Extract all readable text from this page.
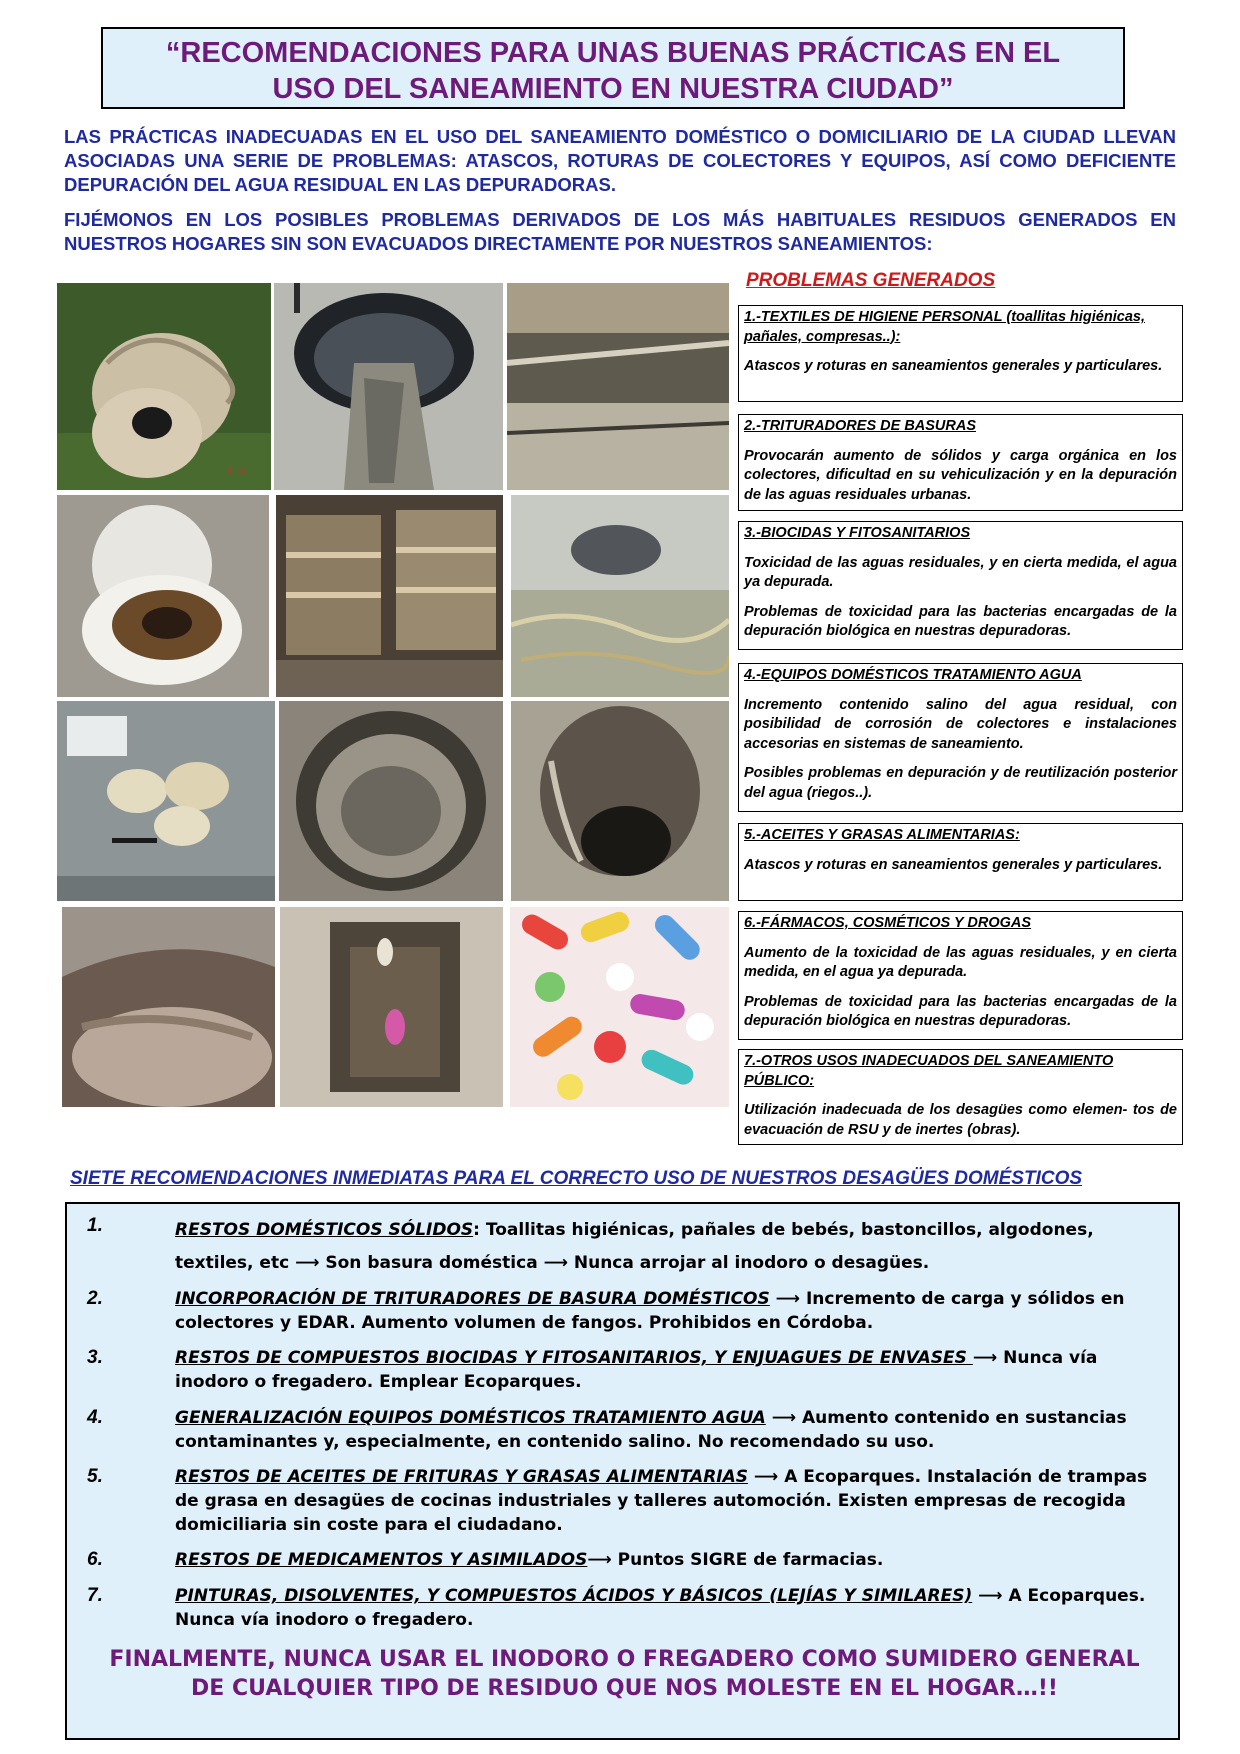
“RECOMENDACIONES PARA UNAS BUENAS PRÁCTICAS EN EL
USO DEL SANEAMIENTO EN NUESTRA CIUDAD”

LAS PRÁCTICAS INADECUADAS EN EL USO DEL SANEAMIENTO DOMÉSTICO O DOMICILIARIO DE LA CIUDAD LLEVAN ASOCIADAS UNA SERIE DE PROBLEMAS: ATASCOS, ROTURAS DE COLECTORES Y EQUIPOS, ASÍ COMO DEFICIENTE DEPURACIÓN DEL AGUA RESIDUAL EN LAS DEPURADORAS.

FIJÉMONOS EN LOS POSIBLES PROBLEMAS DERIVADOS DE LOS MÁS HABITUALES RESIDUOS GENERADOS EN NUESTROS HOGARES SIN SON EVACUADOS DIRECTAMENTE POR NUESTROS SANEAMIENTOS:

9 · 2
PROBLEMAS GENERADOS
1.-TEXTILES DE HIGIENE PERSONAL (toallitas higiénicas, pañales, compresas..):
Atascos y roturas en saneamientos generales y particulares.
2.-TRITURADORES DE BASURAS
Provocarán aumento de sólidos y carga orgánica en los colectores, dificultad en su vehiculización y en la depuración de las aguas residuales urbanas.
3.-BIOCIDAS Y FITOSANITARIOS
Toxicidad de las aguas residuales, y en cierta medida, el agua ya depurada.
Problemas de toxicidad para las bacterias encargadas de la depuración biológica en nuestras depuradoras.
4.-EQUIPOS DOMÉSTICOS TRATAMIENTO AGUA
Incremento contenido salino del agua residual, con posibilidad de corrosión de colectores e instalaciones accesorias en sistemas de saneamiento.
Posibles problemas en depuración y de reutilización posterior del agua (riegos..).
5.-ACEITES Y GRASAS ALIMENTARIAS:
Atascos y roturas en saneamientos generales y particulares.
6.-FÁRMACOS, COSMÉTICOS Y DROGAS
Aumento de la toxicidad de las aguas residuales, y en cierta medida, en el agua ya depurada.
Problemas de toxicidad para las bacterias encargadas de la depuración biológica en nuestras depuradoras.
7.-OTROS USOS INADECUADOS DEL SANEAMIENTO PÚBLICO:
Utilización inadecuada de los desagües como elemen- tos de evacuación de RSU y de inertes (obras).
SIETE RECOMENDACIONES INMEDIATAS PARA EL CORRECTO USO DE NUESTROS DESAGÜES DOMÉSTICOS
1.	RESTOS DOMÉSTICOS SÓLIDOS: Toallitas higiénicas, pañales de bebés, bastoncillos, algodones, textiles, etc ⟶ Son basura doméstica ⟶ Nunca arrojar al inodoro o desagües.
2.	INCORPORACIÓN DE TRITURADORES DE BASURA DOMÉSTICOS ⟶ Incremento de carga y sólidos en colectores y EDAR. Aumento volumen de fangos. Prohibidos en Córdoba.
3.	RESTOS DE COMPUESTOS BIOCIDAS Y FITOSANITARIOS, Y ENJUAGUES DE ENVASES ⟶ Nunca vía inodoro o fregadero. Emplear Ecoparques.
4.	GENERALIZACIÓN EQUIPOS DOMÉSTICOS TRATAMIENTO AGUA ⟶ Aumento contenido en sustancias contaminantes y, especialmente, en contenido salino. No recomendado su uso.
5.	RESTOS DE ACEITES DE FRITURAS Y GRASAS ALIMENTARIAS ⟶ A Ecoparques. Instalación de trampas de grasa en desagües de cocinas industriales y talleres automoción. Existen empresas de recogida domiciliaria sin coste para el ciudadano.
6.	RESTOS DE MEDICAMENTOS Y ASIMILADOS⟶ Puntos SIGRE de farmacias.
7.	PINTURAS, DISOLVENTES, Y COMPUESTOS ÁCIDOS Y BÁSICOS (LEJÍAS Y SIMILARES) ⟶ A Ecoparques. Nunca vía inodoro o fregadero.
FINALMENTE, NUNCA USAR EL INODORO O FREGADERO COMO SUMIDERO GENERAL
DE CUALQUIER TIPO DE RESIDUO QUE NOS MOLESTE EN EL HOGAR…!!
